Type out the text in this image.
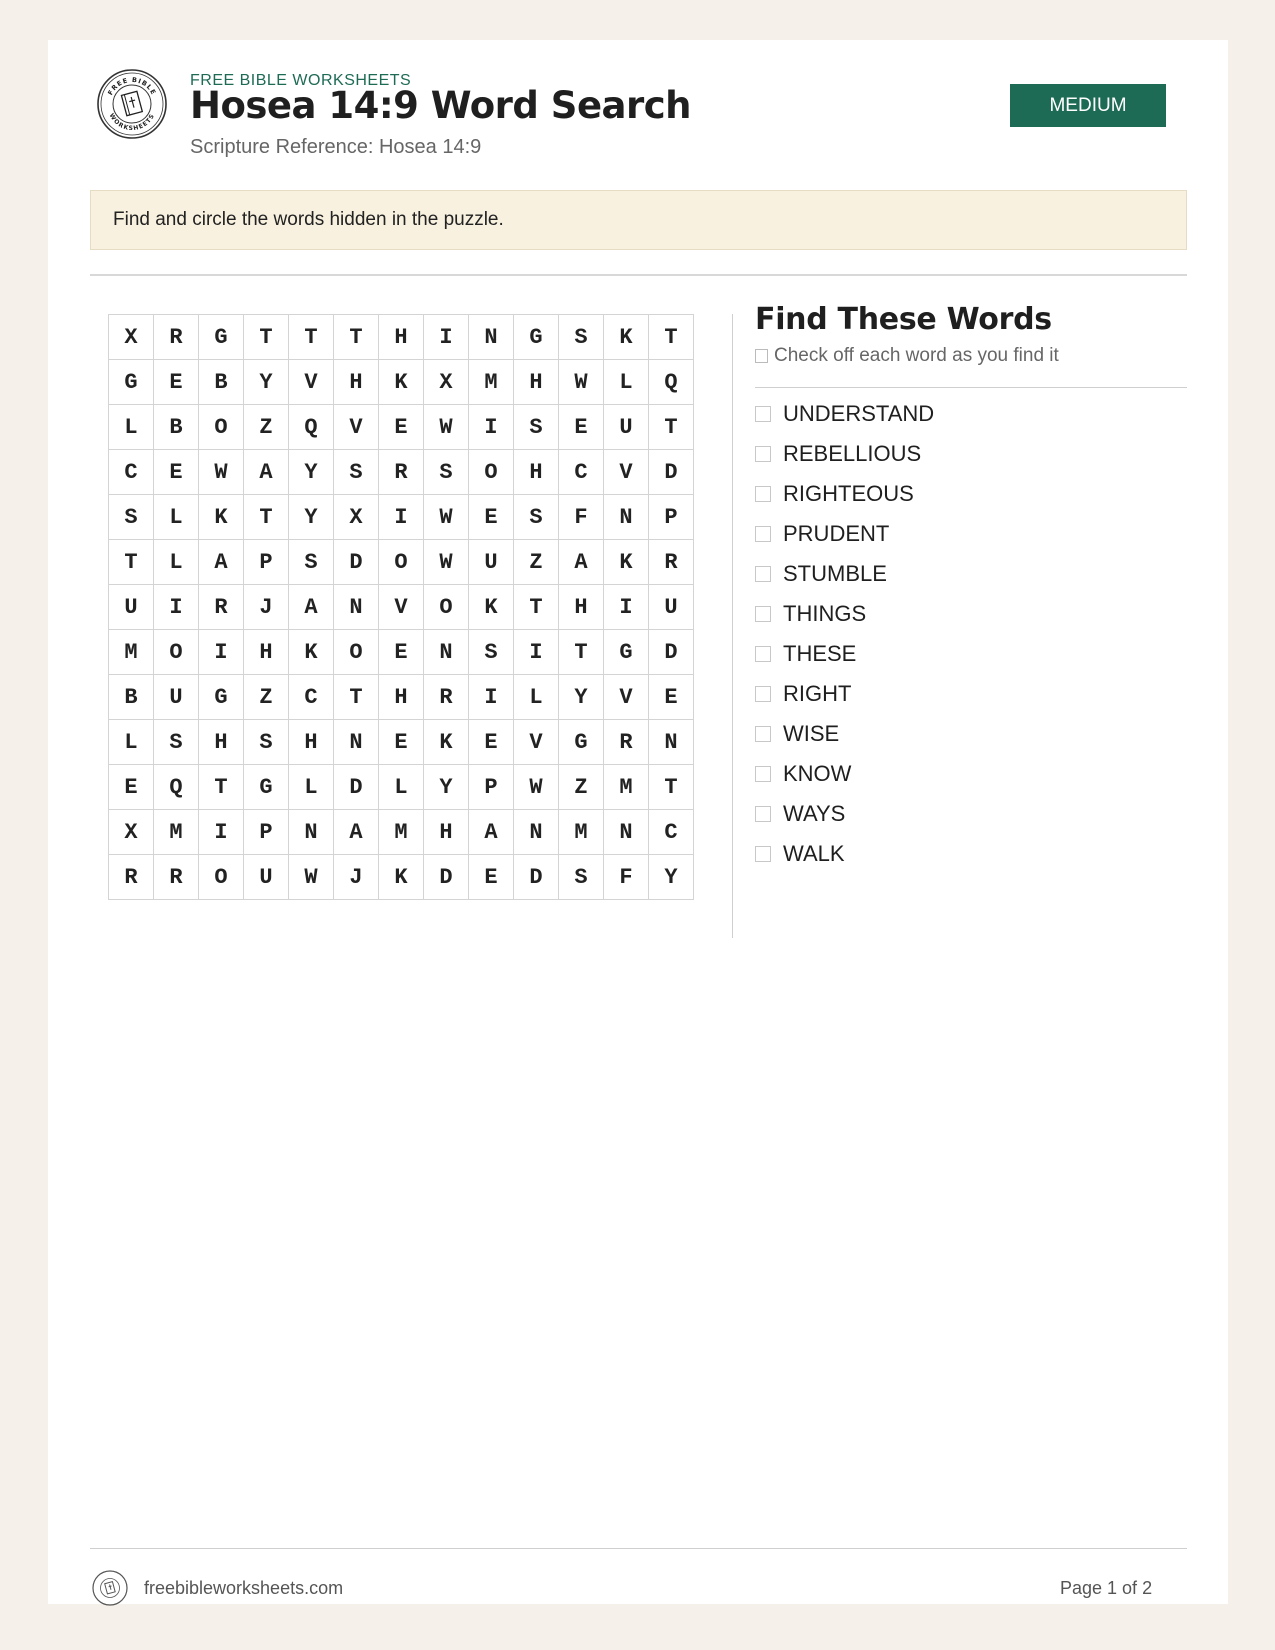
FREE BIBLE
WORKSHEETS
FREE BIBLE WORKSHEETS
Hosea 14:9 Word Search
Scripture Reference: Hosea 14:9
MEDIUM
Find and circle the words hidden in the puzzle.
X	R	G	T	T	T	H	I	N	G	S	K	T
G	E	B	Y	V	H	K	X	M	H	W	L	Q
L	B	O	Z	Q	V	E	W	I	S	E	U	T
C	E	W	A	Y	S	R	S	O	H	C	V	D
S	L	K	T	Y	X	I	W	E	S	F	N	P
T	L	A	P	S	D	O	W	U	Z	A	K	R
U	I	R	J	A	N	V	O	K	T	H	I	U
M	O	I	H	K	O	E	N	S	I	T	G	D
B	U	G	Z	C	T	H	R	I	L	Y	V	E
L	S	H	S	H	N	E	K	E	V	G	R	N
E	Q	T	G	L	D	L	Y	P	W	Z	M	T
X	M	I	P	N	A	M	H	A	N	M	N	C
R	R	O	U	W	J	K	D	E	D	S	F	Y
Find These Words
Check off each word as you find it
UNDERSTAND
REBELLIOUS
RIGHTEOUS
PRUDENT
STUMBLE
THINGS
THESE
RIGHT
WISE
KNOW
WAYS
WALK
freebibleworksheets.com	Page 1 of 2
